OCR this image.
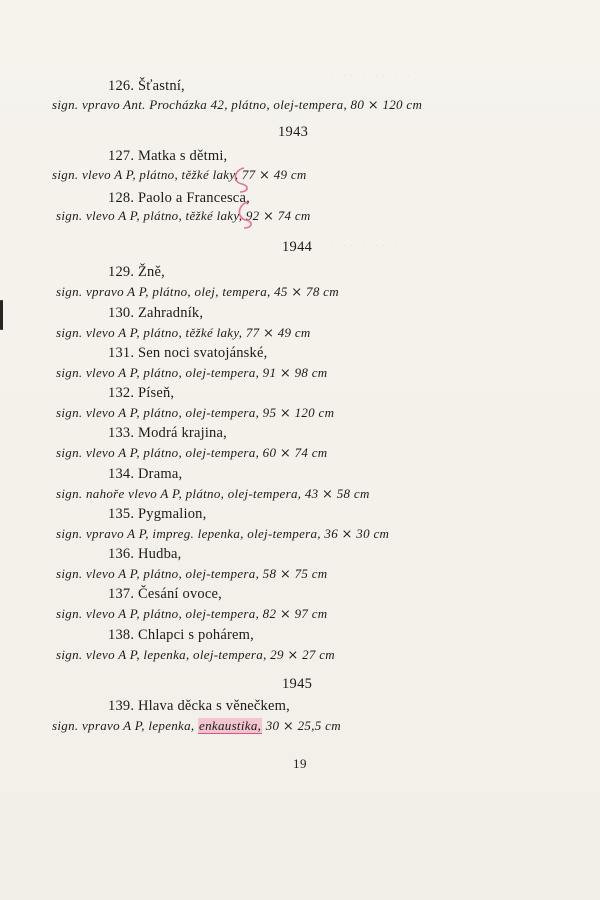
· · · · · · · · · · · · ·
· · · · · · · · · · ·
126. Šťastní,
sign. vpravo Ant. Procházka 42, plátno, olej-tempera, 80 ⨯ 120 cm
1943
127. Matka s dětmi,
sign. vlevo A P, plátno, těžké laky, 77 ⨯ 49 cm
128. Paolo a Francesca,
sign. vlevo A P, plátno, těžké laky, 92 ⨯ 74 cm
1944
129. Žně,
sign. vpravo A P, plátno, olej, tempera, 45 ⨯ 78 cm
130. Zahradník,
sign. vlevo A P, plátno, těžké laky, 77 ⨯ 49 cm
131. Sen noci svatojánské,
sign. vlevo A P, plátno, olej-tempera, 91 ⨯ 98 cm
132. Píseň,
sign. vlevo A P, plátno, olej-tempera, 95 ⨯ 120 cm
133. Modrá krajina,
sign. vlevo A P, plátno, olej-tempera, 60 ⨯ 74 cm
134. Drama,
sign. nahoře vlevo A P, plátno, olej-tempera, 43 ⨯ 58 cm
135. Pygmalion,
sign. vpravo A P, impreg. lepenka, olej-tempera, 36 ⨯ 30 cm
136. Hudba,
sign. vlevo A P, plátno, olej-tempera, 58 ⨯ 75 cm
137. Česání ovoce,
sign. vlevo A P, plátno, olej-tempera, 82 ⨯ 97 cm
138. Chlapci s pohárem,
sign. vlevo A P, lepenka, olej-tempera, 29 ⨯ 27 cm
1945
139. Hlava děcka s věnečkem,
sign. vpravo A P, lepenka, enkaustika, 30 ⨯ 25,5 cm
19
